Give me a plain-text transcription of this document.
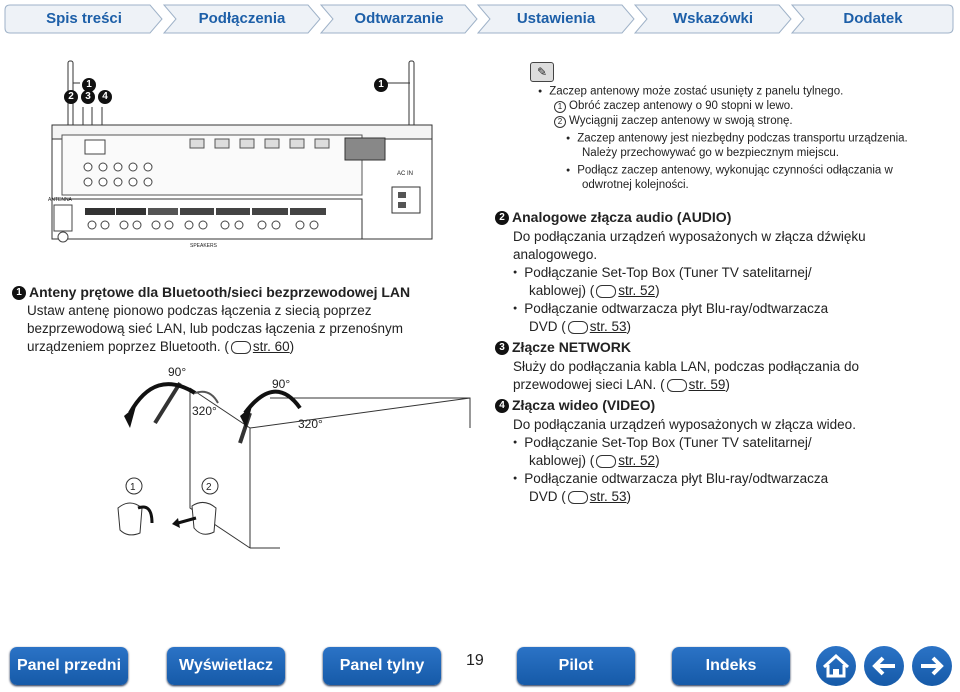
Spis treści	Podłączenia	Odtwarzanie	Ustawienia	Wskazówki	Dodatek
AC IN
ANTENNA
SPEAKERS
1
2	3	4
1
✎
● Zaczep antenowy może zostać usunięty z panelu tylnego.
1 Obróć zaczep antenowy o 90 stopni w lewo.
2 Wyciągnij zaczep antenowy w swoją stronę.
● Zaczep antenowy jest niezbędny podczas transportu urządzenia.
Należy przechowywać go w bezpiecznym miejscu.
● Podłącz zaczep antenowy, wykonując czynności odłączania w
odwrotnej kolejności.
1 Anteny prętowe dla Bluetooth/sieci bezprzewodowej LAN
Ustaw antenę pionowo podczas łączenia z siecią poprzez
bezprzewodową sieć LAN, lub podczas łączenia z przenośnym
urządzeniem poprzez Bluetooth. ( str. 60)
90°
320°
90°
320°
1	2
2 Analogowe złącza audio (AUDIO)
Do podłączania urządzeń wyposażonych w złącza dźwięku
analogowego.
● Podłączanie Set-Top Box (Tuner TV satelitarnej/
kablowej) ( str. 52)
● Podłączanie odtwarzacza płyt Blu-ray/odtwarzacza
DVD ( str. 53)
3 Złącze NETWORK
Służy do podłączania kabla LAN, podczas podłączania do
przewodowej sieci LAN. ( str. 59)
4 Złącza wideo (VIDEO)
Do podłączania urządzeń wyposażonych w złącza wideo.
● Podłączanie Set-Top Box (Tuner TV satelitarnej/
kablowej) ( str. 52)
● Podłączanie odtwarzacza płyt Blu-ray/odtwarzacza
DVD ( str. 53)
Panel przedni	Wyświetlacz	Panel tylny	19	Pilot	Indeks
